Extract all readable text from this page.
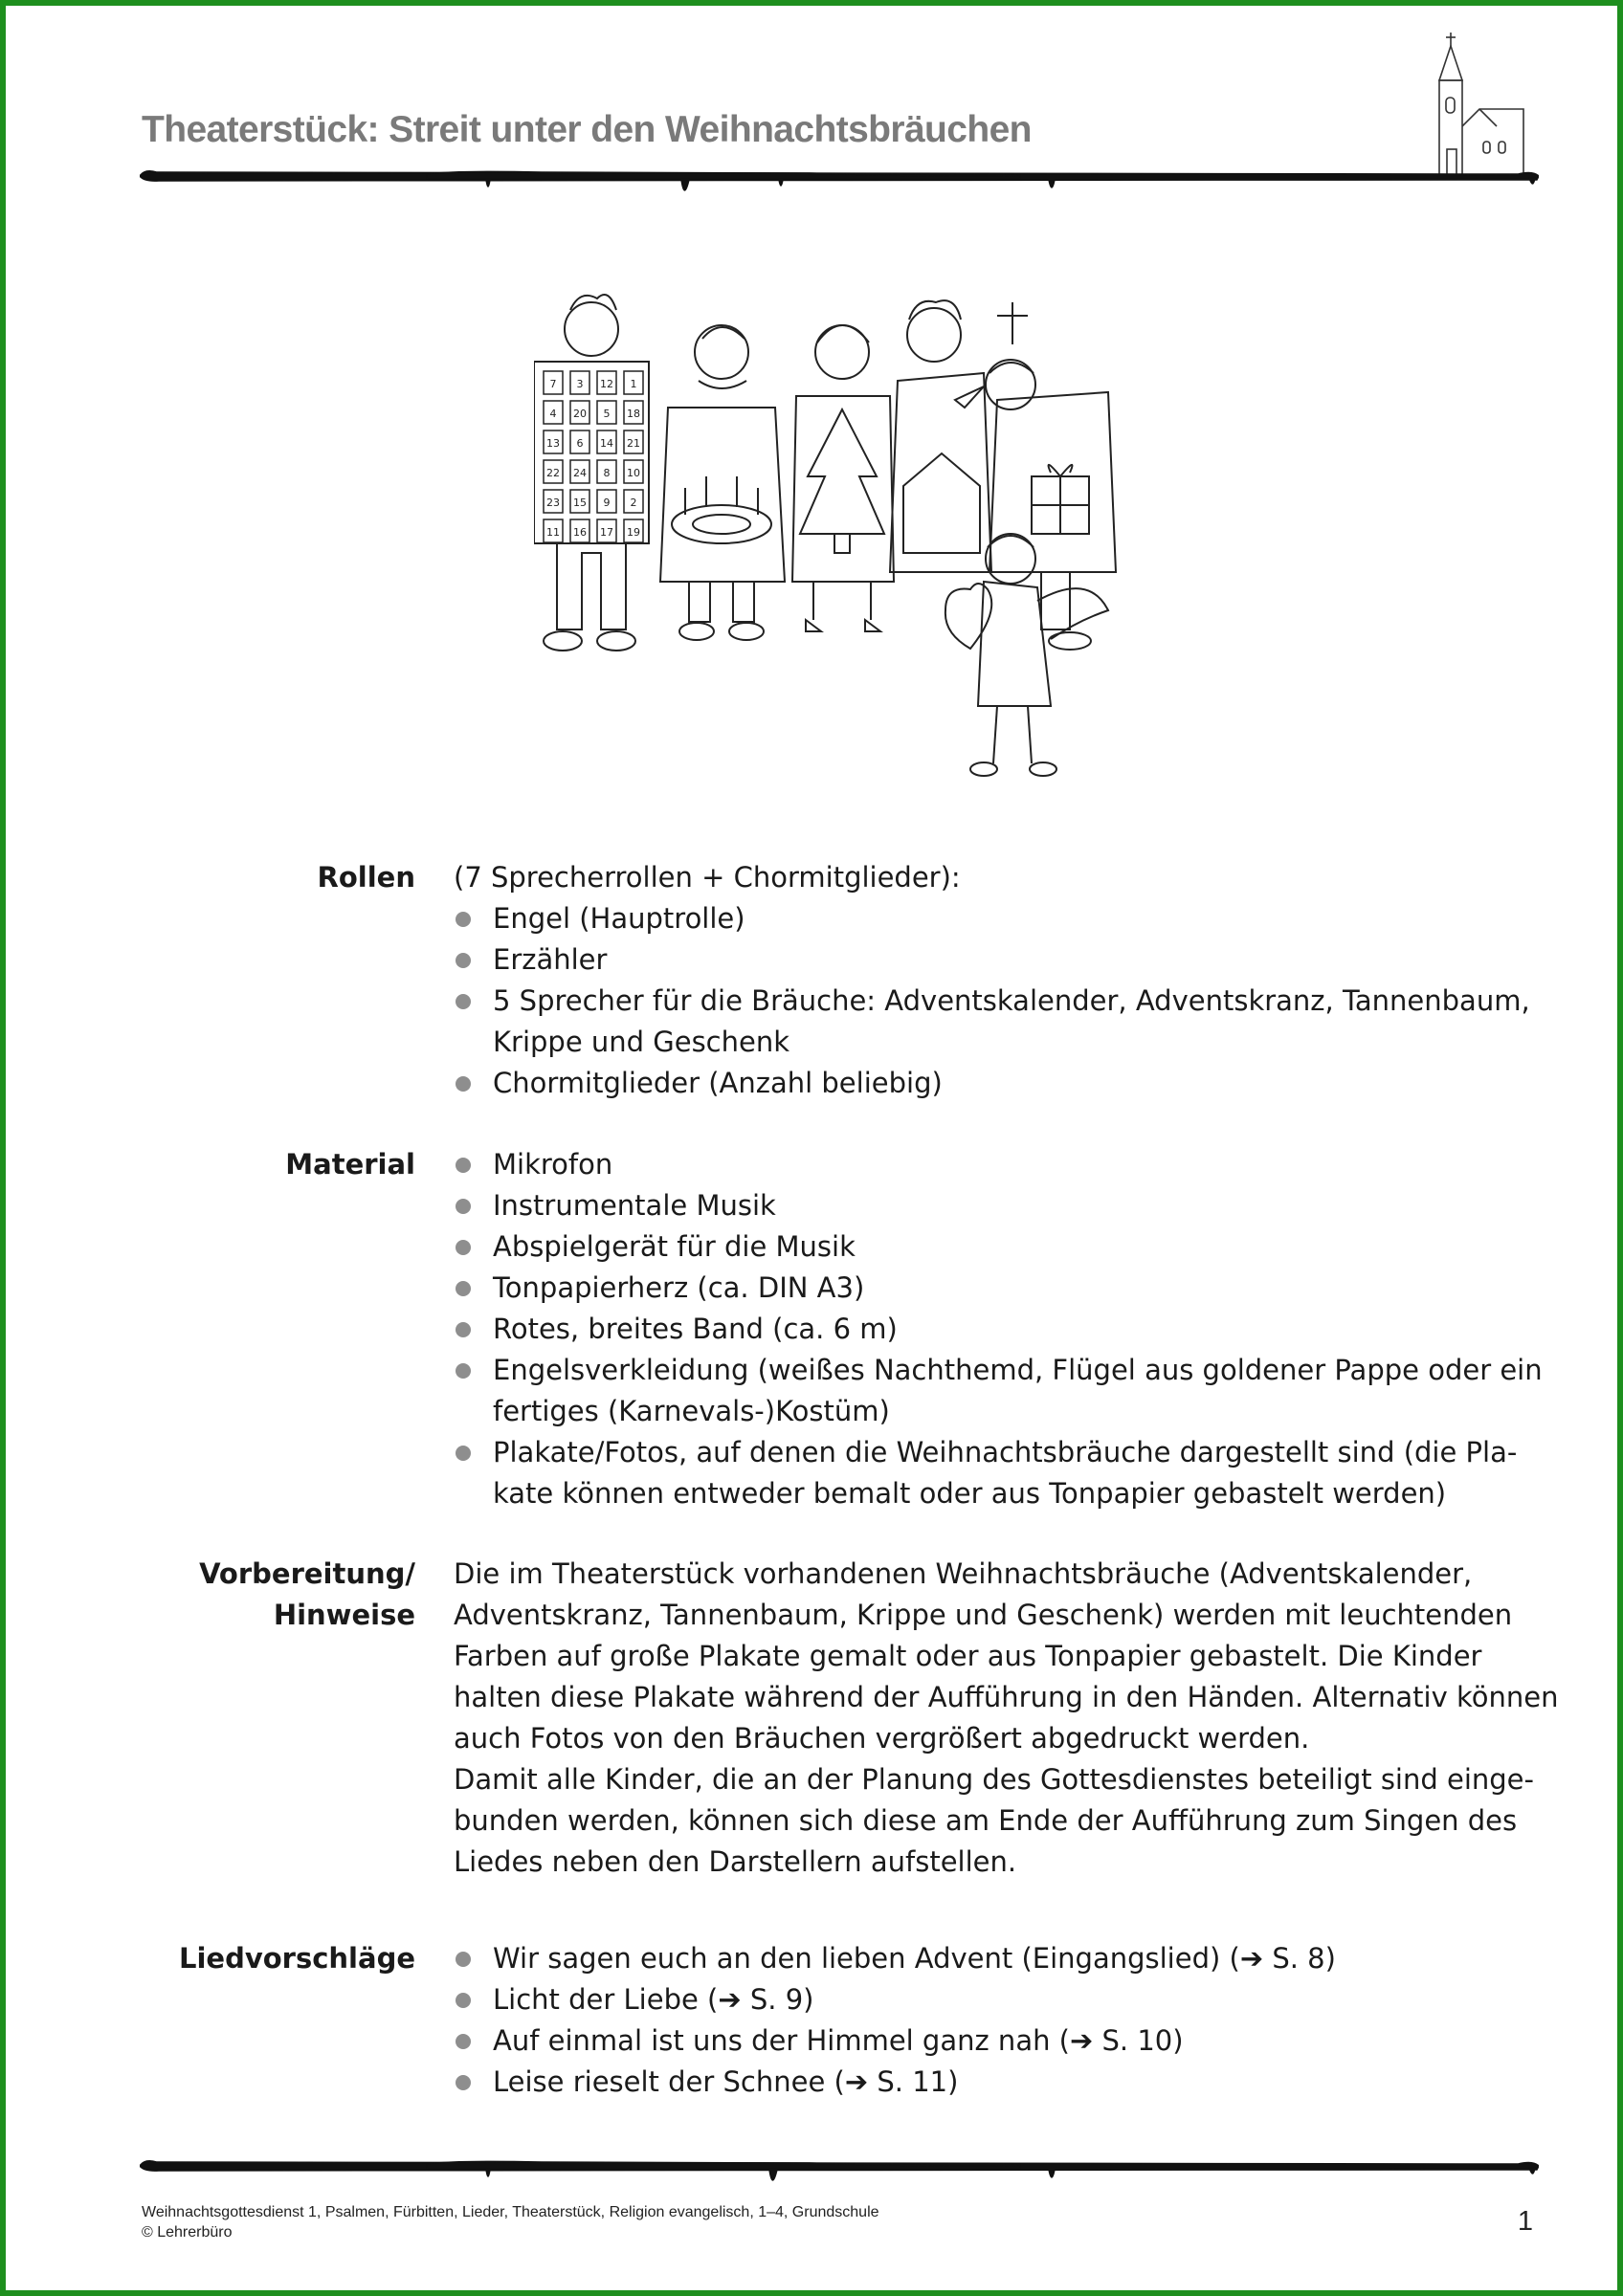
Theaterstück: Streit unter den Weihnachtsbräuchen
7 3 12 1
4 20 5 18
13 6 14 21
22 24 8 10
23 15 9 2
11 16 17 19
Rollen (7 Sprecherrollen + Chormitglieder):

Engel (Hauptrolle)
Erzähler
5 Sprecher für die Bräuche: Adventskalender, Adventskranz, Tannenbaum,
Krippe und Geschenk
Chormitglieder (Anzahl beliebig)
Material	Mikrofon
Instrumentale Musik
Abspielgerät für die Musik
Tonpapierherz (ca. DIN A3)
Rotes, breites Band (ca. 6 m)
Engelsverkleidung (weißes Nachthemd, Flügel aus goldener Pappe oder ein
fertiges (Karnevals-)Kostüm)
Plakate/Fotos, auf denen die Weihnachtsbräuche dargestellt sind (die Pla-
kate können entweder bemalt oder aus Tonpapier gebastelt werden)
Vorbereitung/
Hinweise

Die im Theaterstück vorhandenen Weihnachtsbräuche (Adventskalender,

Adventskranz, Tannenbaum, Krippe und Geschenk) werden mit leuchtenden

Farben auf große Plakate gemalt oder aus Tonpapier gebastelt. Die Kinder

halten diese Plakate während der Aufführung in den Händen. Alternativ können

auch Fotos von den Bräuchen vergrößert abgedruckt werden.

Damit alle Kinder, die an der Planung des Gottesdienstes beteiligt sind einge-

bunden werden, können sich diese am Ende der Aufführung zum Singen des

Liedes neben den Darstellern aufstellen.

Liedvorschläge	Wir sagen euch an den lieben Advent (Eingangslied) (➔ S. 8)
Licht der Liebe (➔ S. 9)
Auf einmal ist uns der Himmel ganz nah (➔ S. 10)
Leise rieselt der Schnee (➔ S. 11)
Weihnachtsgottesdienst 1, Psalmen, Fürbitten, Lieder, Theaterstück, Religion evangelisch, 1–4, Grundschule
© Lehrerbüro	1
